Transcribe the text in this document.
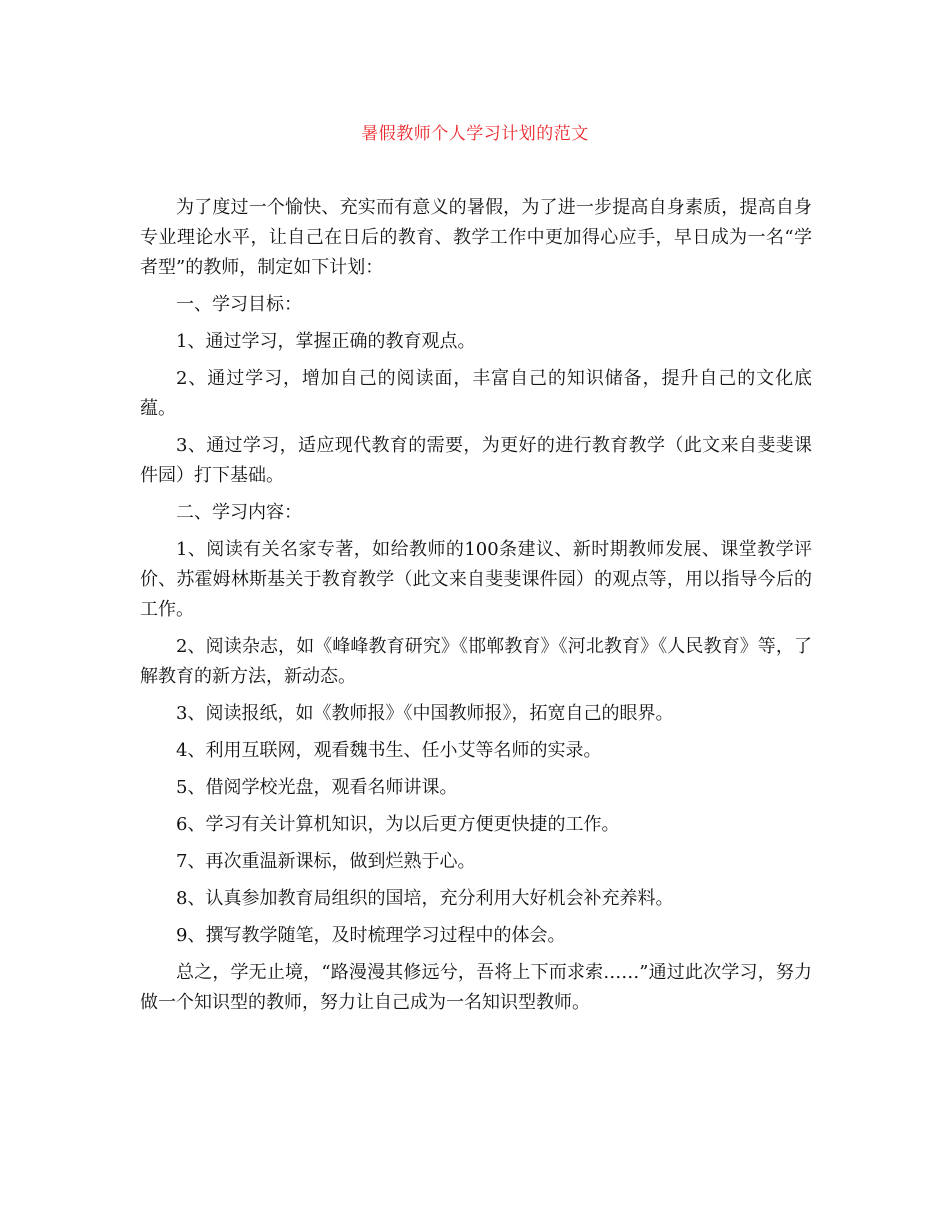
暑假教师个人学习计划的范文

为了度过一个愉快、充实而有意义的暑假，为了进一步提高自身素质，提高自身专业理论水平，让自己在日后的教育、教学工作中更加得心应手，早日成为一名“学者型”的教师，制定如下计划：

一、学习目标：

1、通过学习，掌握正确的教育观点。

2、通过学习，增加自己的阅读面，丰富自己的知识储备，提升自己的文化底蕴。

3、通过学习，适应现代教育的需要，为更好的进行教育教学（此文来自斐斐课件园）打下基础。

二、学习内容：

1、阅读有关名家专著，如给教师的100条建议、新时期教师发展、课堂教学评价、苏霍姆林斯基关于教育教学（此文来自斐斐课件园）的观点等，用以指导今后的工作。

2、阅读杂志，如《峰峰教育研究》《邯郸教育》《河北教育》《人民教育》等，了解教育的新方法，新动态。

3、阅读报纸，如《教师报》《中国教师报》，拓宽自己的眼界。

4、利用互联网，观看魏书生、任小艾等名师的实录。

5、借阅学校光盘，观看名师讲课。

6、学习有关计算机知识，为以后更方便更快捷的工作。

7、再次重温新课标，做到烂熟于心。

8、认真参加教育局组织的国培，充分利用大好机会补充养料。

9、撰写教学随笔，及时梳理学习过程中的体会。

总之，学无止境，“路漫漫其修远兮，吾将上下而求索……”通过此次学习，努力做一个知识型的教师，努力让自己成为一名知识型教师。
